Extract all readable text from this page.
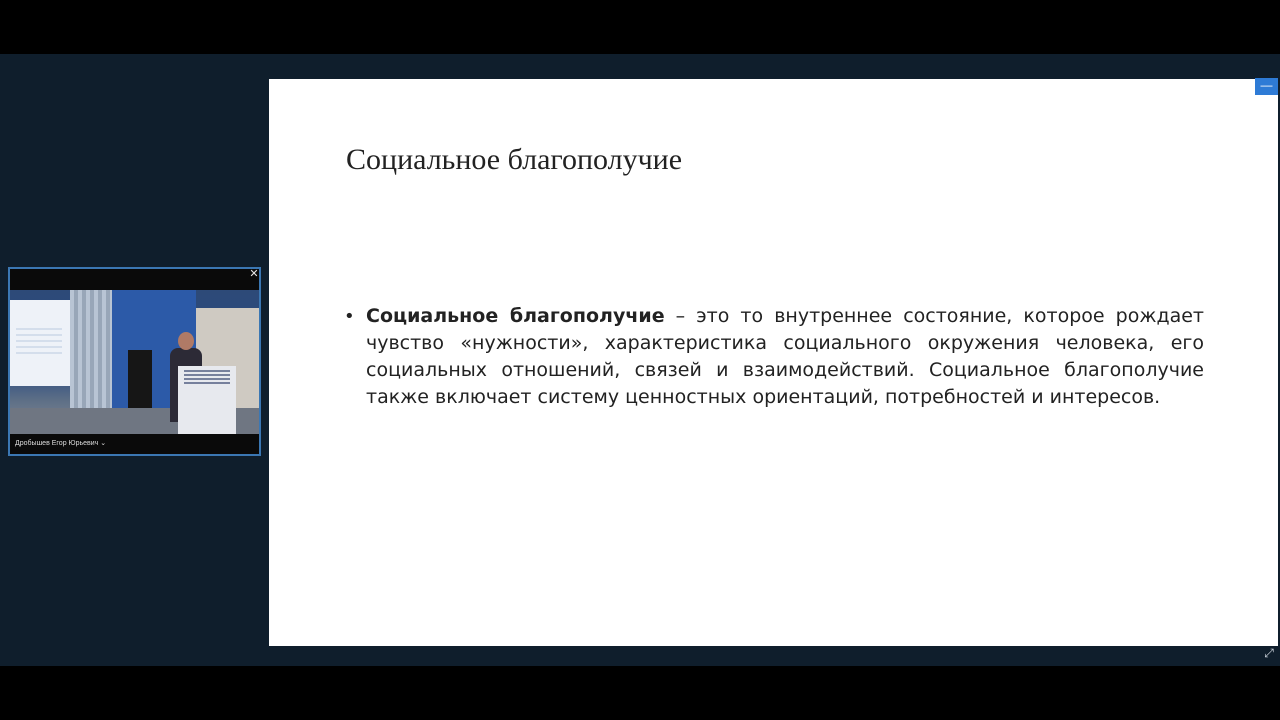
Социальное благополучие
• Социальное благополучие – это то внутреннее состояние, которое рождает чувство «нужности», характеристика социального окружения человека, его социальных отношений, связей и взаимодействий. Социальное благополучие также включает систему ценностных ориентаций, потребностей и интересов.

—
⤢
Дробышев Егор Юрьевич ⌄
✕
